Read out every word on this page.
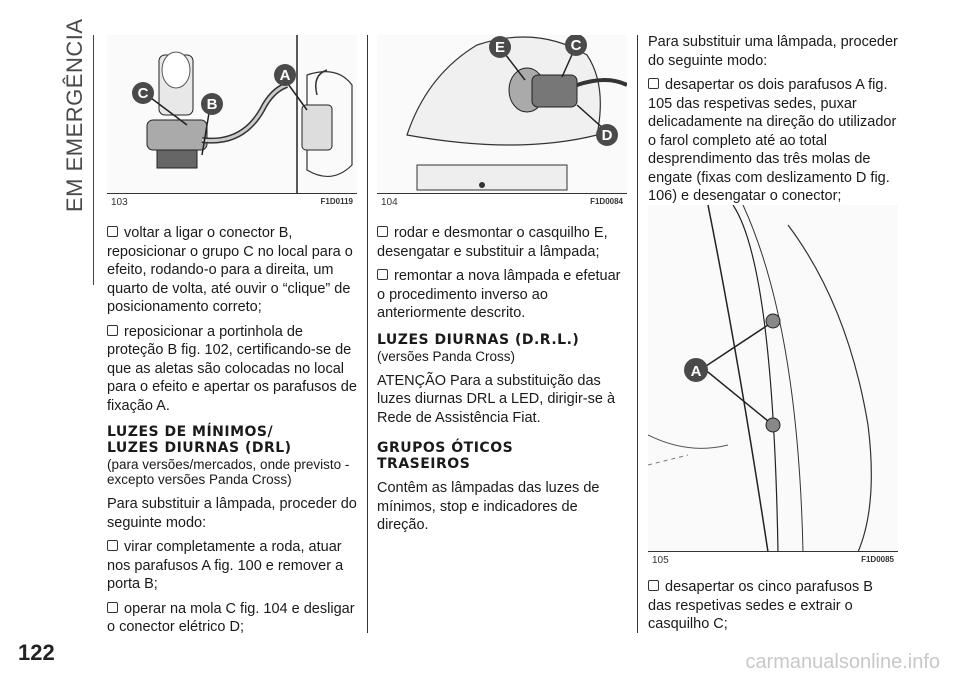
EM EMERGÊNCIA
122
C
B
A
103	F1D0119
E	C
D
104	F1D0084
A
105	F1D0085

voltar a ligar o conector B, reposicionar o grupo C no local para o efeito, rodando-o para a direita, um quarto de volta, até ouvir o “clique” de posicionamento correto;

reposicionar a portinhola de proteção B fig. 102, certificando-se de que as aletas são colocadas no local para o efeito e apertar os parafusos de fixação A.

LUZES DE MÍNIMOS/
LUZES DIURNAS (DRL)
(para versões/mercados, onde previsto - excepto versões Panda Cross)

Para substituir a lâmpada, proceder do seguinte modo:

virar completamente a roda, atuar nos parafusos A fig. 100 e remover a porta B;

operar na mola C fig. 104 e desligar o conector elétrico D;

rodar e desmontar o casquilho E, desengatar e substituir a lâmpada;

remontar a nova lâmpada e efetuar o procedimento inverso ao anteriormente descrito.

LUZES DIURNAS (D.R.L.)
(versões Panda Cross)

ATENÇÃO Para a substituição das luzes diurnas DRL a LED, dirigir-se à Rede de Assistência Fiat.

GRUPOS ÓTICOS
TRASEIROS

Contêm as lâmpadas das luzes de mínimos, stop e indicadores de direção.

Para substituir uma lâmpada, proceder do seguinte modo:

desapertar os dois parafusos A fig. 105 das respetivas sedes, puxar delicadamente na direção do utilizador o farol completo até ao total desprendimento das três molas de engate (fixas com deslizamento D fig. 106) e desengatar o conector;

desapertar os cinco parafusos B das respetivas sedes e extrair o casquilho C;

carmanualsonline.info
